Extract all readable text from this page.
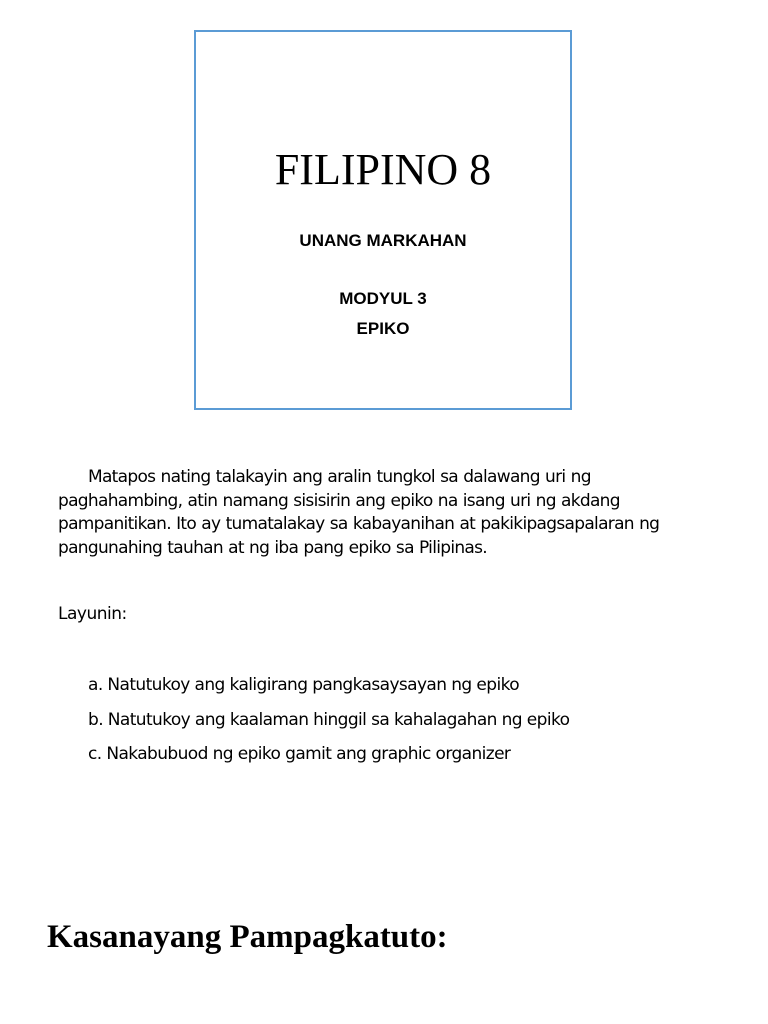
FILIPINO 8

UNANG MARKAHAN

MODYUL 3

EPIKO

Matapos nating talakayin ang aralin tungkol sa dalawang uri ng paghahambing, atin namang sisisirin ang epiko na isang uri ng akdang pampanitikan. Ito ay tumatalakay sa kabayanihan at pakikipagsapalaran ng pangunahing tauhan at ng iba pang epiko sa Pilipinas.

Layunin:

a. Natutukoy ang kaligirang pangkasaysayan ng epiko
b. Natutukoy ang kaalaman hinggil sa kahalagahan ng epiko
c. Nakabubuod ng epiko gamit ang graphic organizer
Kasanayang Pampagkatuto:
